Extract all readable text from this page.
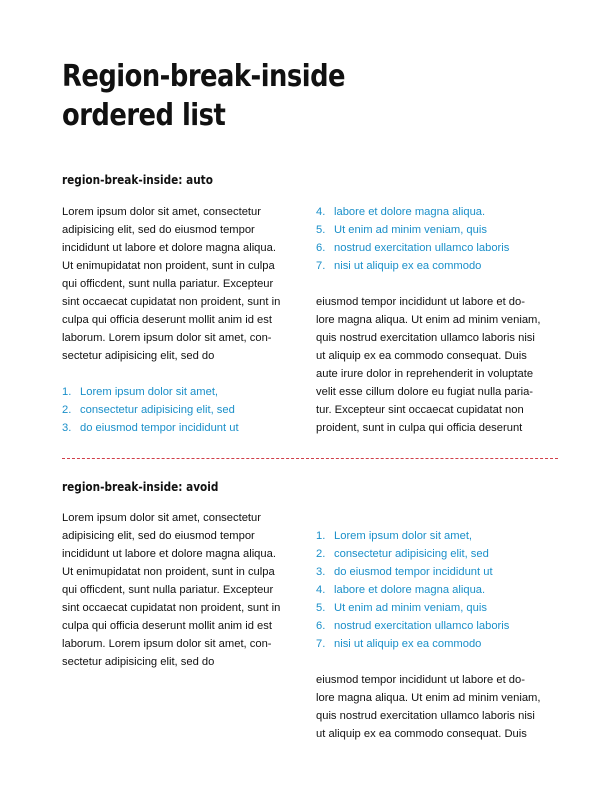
Region-break-inside
ordered list
region-break-inside: auto

Lorem ipsum dolor sit amet, consectetur
adipisicing elit, sed do eiusmod tempor
incididunt ut labore et dolore magna aliqua.
Ut enimupidatat non proident, sunt in culpa
qui officdent, sunt nulla pariatur. Excepteur
sint occaecat cupidatat non proident, sunt in
culpa qui officia deserunt mollit anim id est
laborum. Lorem ipsum dolor sit amet, con-
sectetur adipisicing elit, sed do

1. Lorem ipsum dolor sit amet,
2. consectetur adipisicing elit, sed
3. do eiusmod tempor incididunt ut
4. labore et dolore magna aliqua.
5. Ut enim ad minim veniam, quis
6. nostrud exercitation ullamco laboris
7. nisi ut aliquip ex ea commodo

eiusmod tempor incididunt ut labore et do-
lore magna aliqua. Ut enim ad minim veniam,
quis nostrud exercitation ullamco laboris nisi
ut aliquip ex ea commodo consequat. Duis
aute irure dolor in reprehenderit in voluptate
velit esse cillum dolore eu fugiat nulla paria-
tur. Excepteur sint occaecat cupidatat non
proident, sunt in culpa qui officia deserunt

region-break-inside: avoid

Lorem ipsum dolor sit amet, consectetur
adipisicing elit, sed do eiusmod tempor
incididunt ut labore et dolore magna aliqua.
Ut enimupidatat non proident, sunt in culpa
qui officdent, sunt nulla pariatur. Excepteur
sint occaecat cupidatat non proident, sunt in
culpa qui officia deserunt mollit anim id est
laborum. Lorem ipsum dolor sit amet, con-
sectetur adipisicing elit, sed do

1. Lorem ipsum dolor sit amet,
2. consectetur adipisicing elit, sed
3. do eiusmod tempor incididunt ut
4. labore et dolore magna aliqua.
5. Ut enim ad minim veniam, quis
6. nostrud exercitation ullamco laboris
7. nisi ut aliquip ex ea commodo

eiusmod tempor incididunt ut labore et do-
lore magna aliqua. Ut enim ad minim veniam,
quis nostrud exercitation ullamco laboris nisi
ut aliquip ex ea commodo consequat. Duis
